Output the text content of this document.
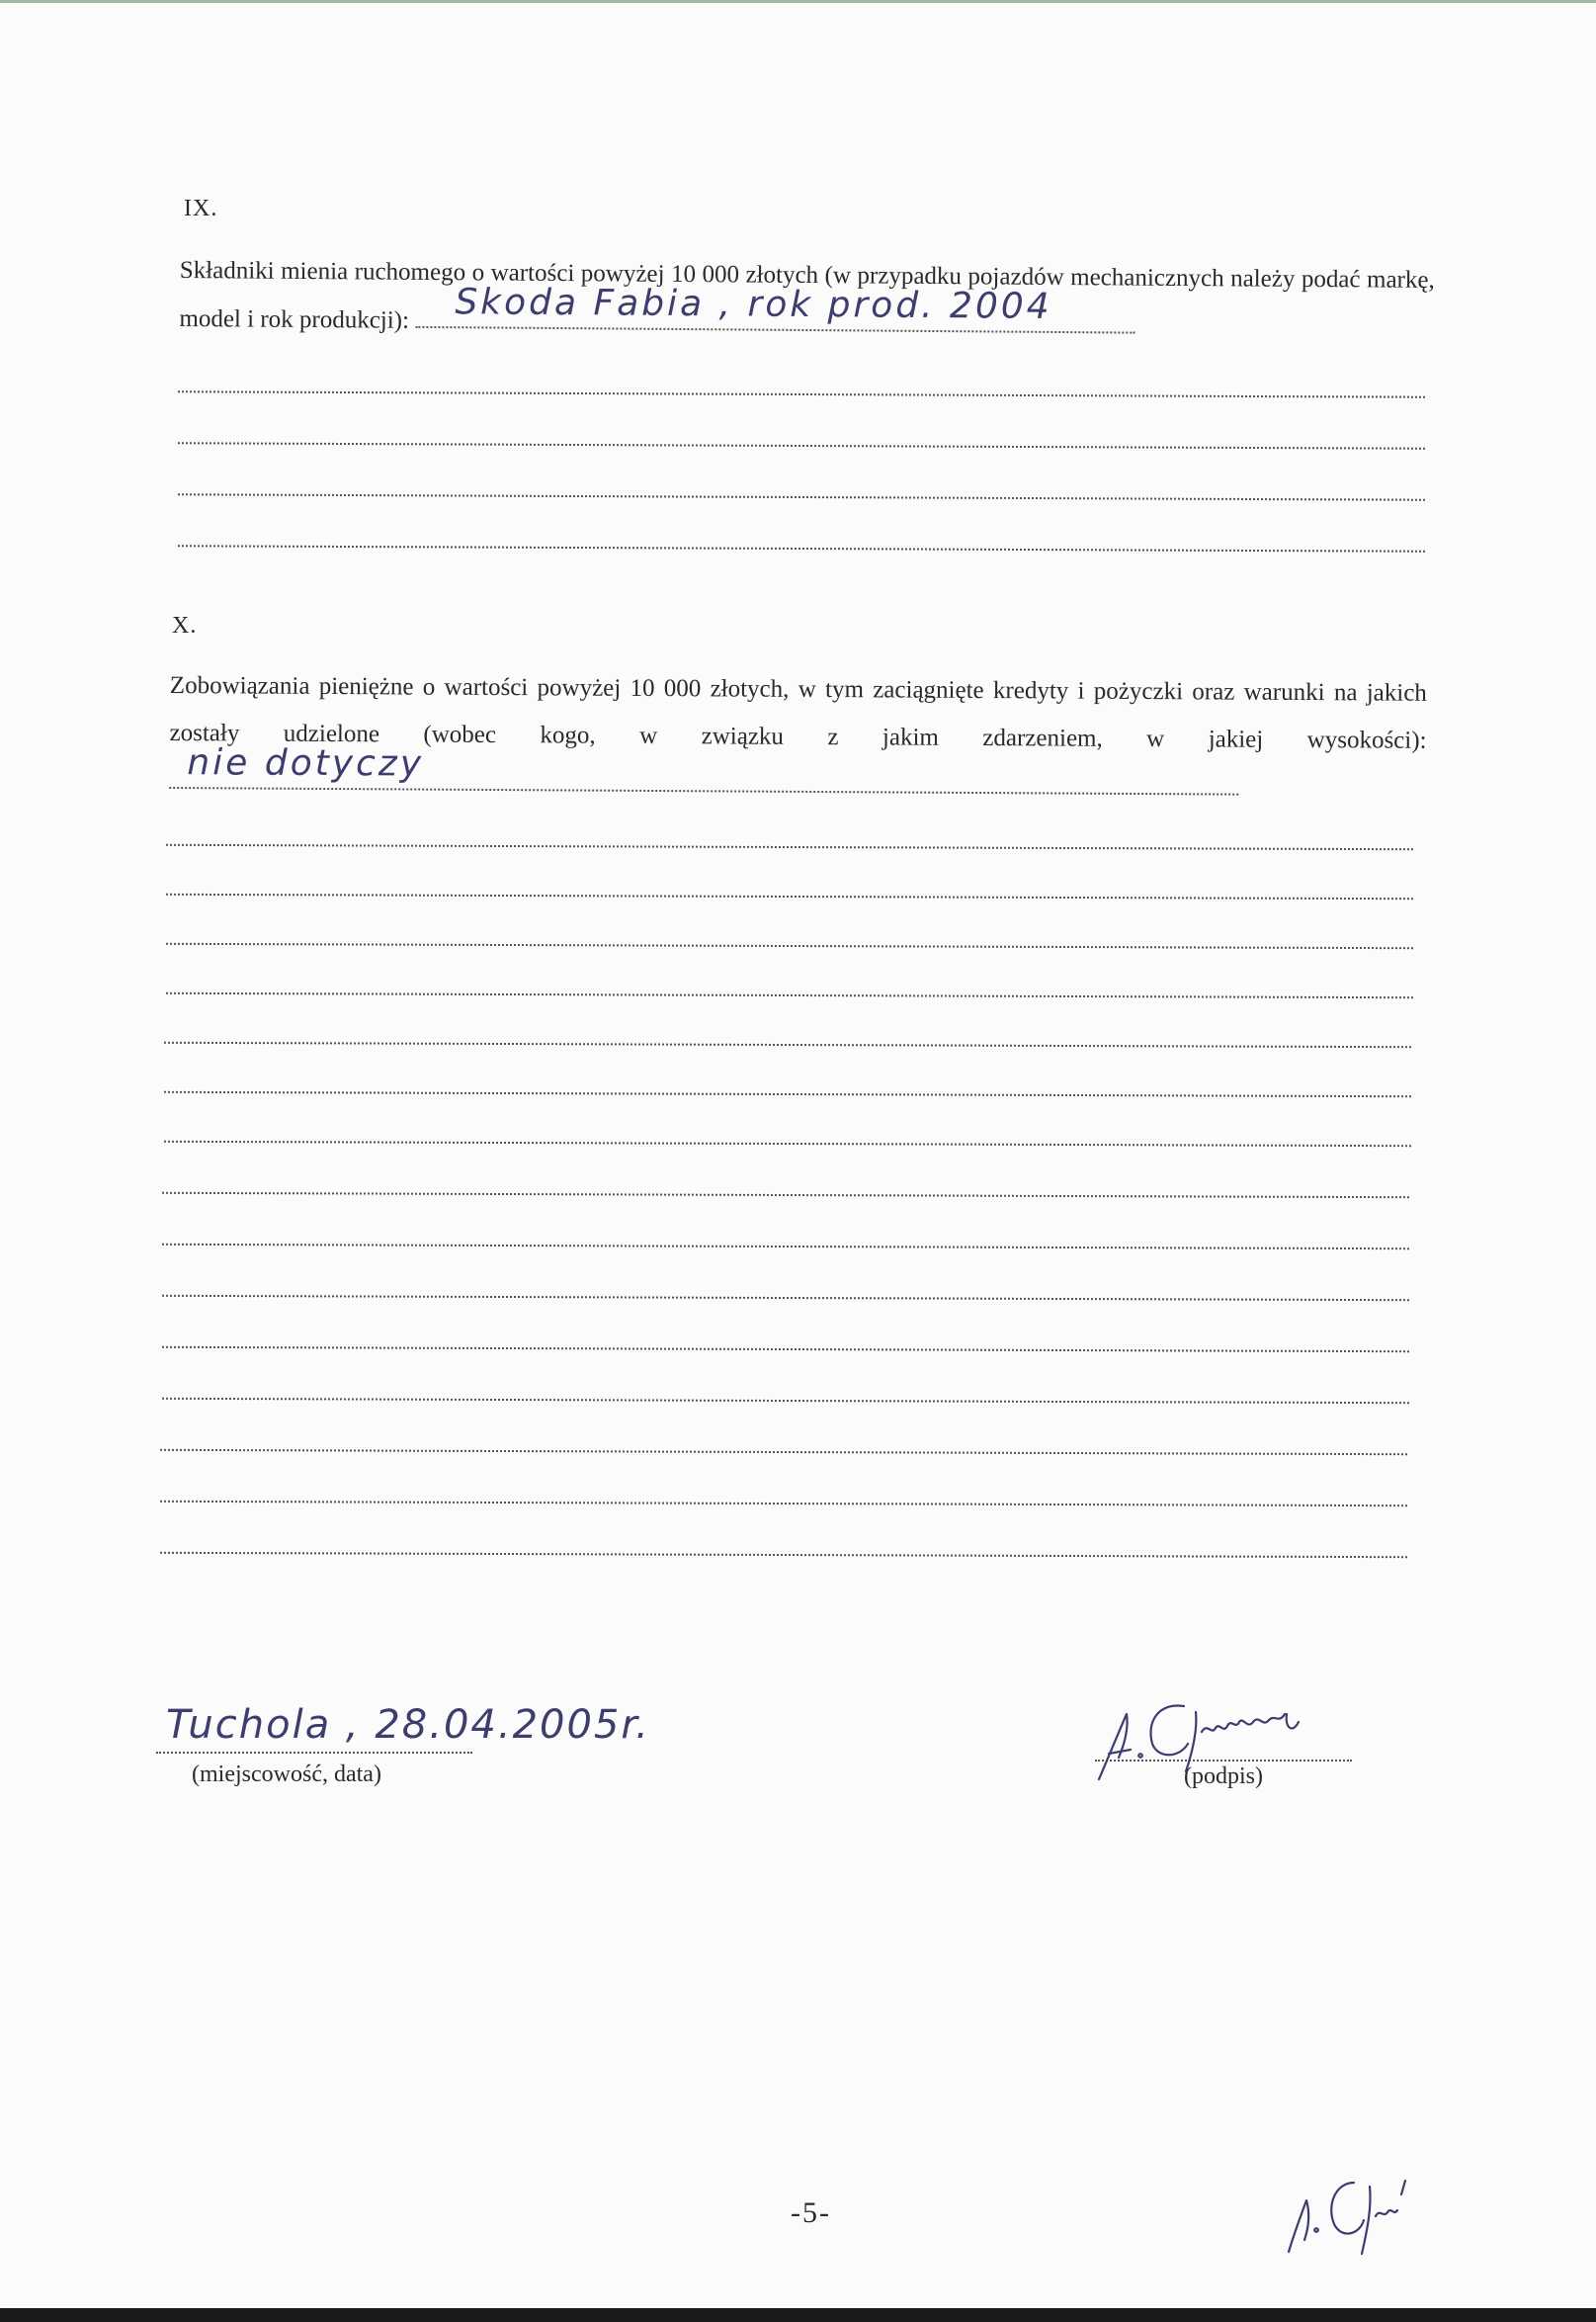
IX.
Składniki mienia ruchomego o wartości powyżej 10 000 złotych (w przypadku pojazdów mechanicznych należy podać markę, model i rok produkcji): Skoda Fabia , rok prod. 2004
X.
Zobowiązania pieniężne o wartości powyżej 10 000 złotych, w tym zaciągnięte kredyty i pożyczki oraz warunki na jakich zostały udzielone (wobec kogo, w związku z jakim zdarzeniem, w jakiej wysokości):
nie dotyczy
Tuchola , 28.04.2005r.
(miejscowość, data)	(podpis)
-5-
